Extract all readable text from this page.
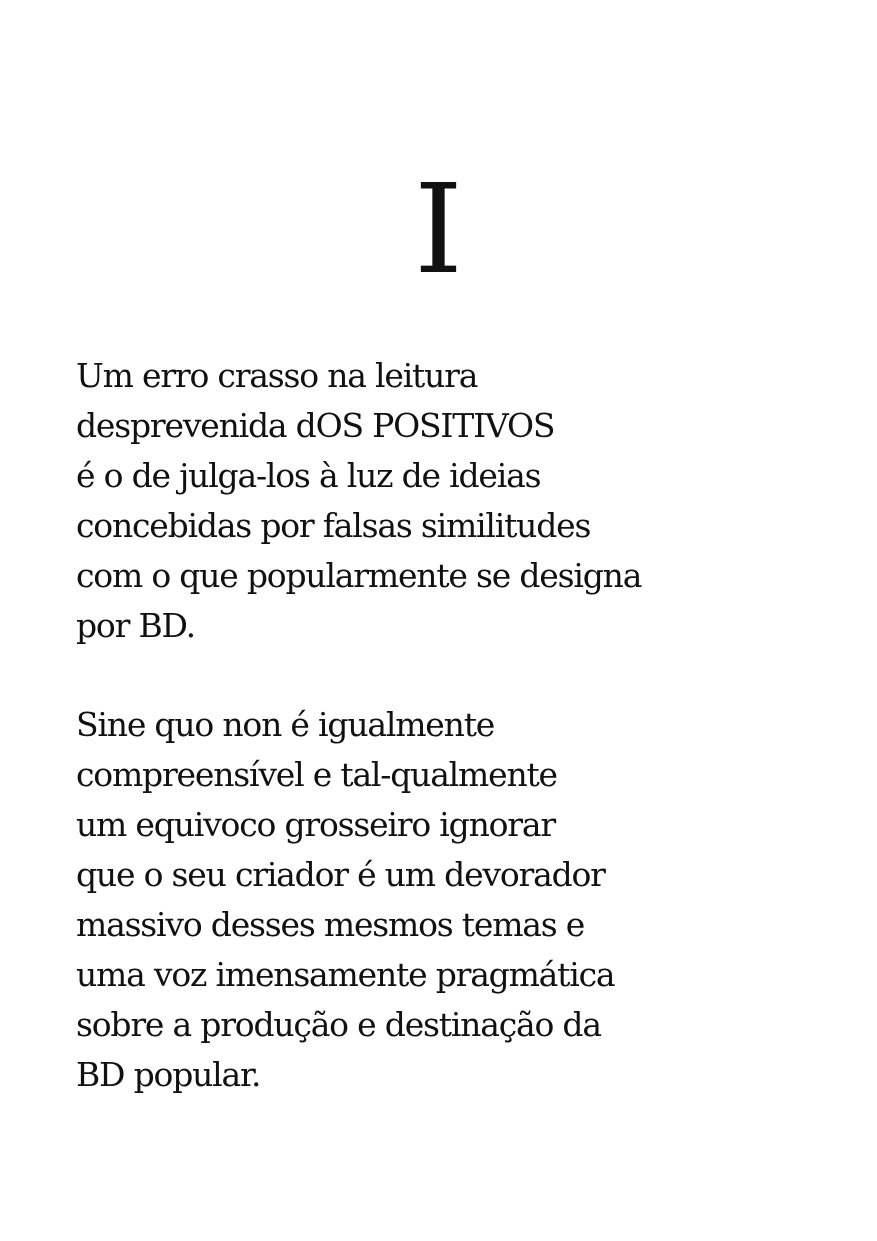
I

Um erro crasso na leitura
desprevenida dOS POSITIVOS
é o de julga-los à luz de ideias
concebidas por falsas similitudes
com o que popularmente se designa
por BD.

Sine quo non é igualmente
compreensível e tal-qualmente
um equivoco grosseiro ignorar
que o seu criador é um devorador
massivo desses mesmos temas e
uma voz imensamente pragmática
sobre a produção e destinação da
BD popular.
